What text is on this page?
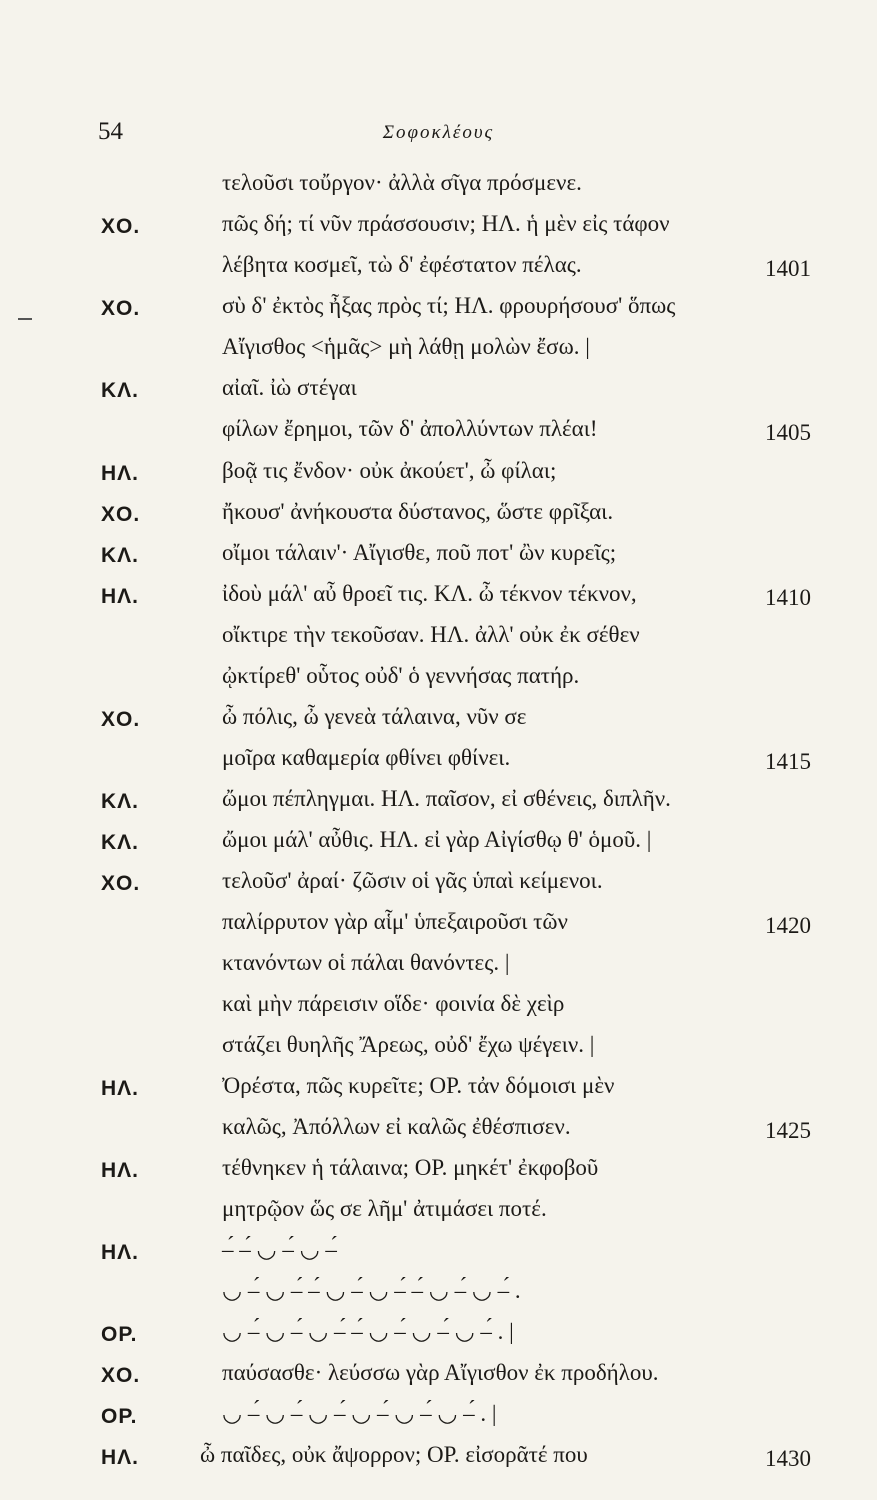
54	Σοφοκλέους
τελοῦσι τοὔργον· ἀλλὰ σῖγα πρόσμενε.
ΧΟ.	πῶς δή; τί νῦν πράσσουσιν; ΗΛ. ἡ μὲν εἰς τάφον
λέβητα κοσμεῖ, τὼ δ' ἐφέστατον πέλας.	1401
ΧΟ.	σὺ δ' ἐκτὸς ἦξας πρὸς τί; ΗΛ. φρουρήσουσ' ὅπως
Αἴγισθος <ἡμᾶς> μὴ λάθῃ μολὼν ἔσω. |
ΚΛ.	αἰαῖ. ἰὼ στέγαι
φίλων ἔρημοι, τῶν δ' ἀπολλύντων πλέαι!	1405
ΗΛ.	βοᾷ τις ἔνδον· οὐκ ἀκούετ', ὦ φίλαι;
ΧΟ.	ἤκουσ' ἀνήκουστα δύστανος, ὥστε φρῖξαι.
ΚΛ.	οἴμοι τάλαιν'· Αἴγισθε, ποῦ ποτ' ὢν κυρεῖς;
ΗΛ.	ἰδοὺ μάλ' αὖ θροεῖ τις. ΚΛ. ὦ τέκνον τέκνον,	1410
οἴκτιρε τὴν τεκοῦσαν. ΗΛ. ἀλλ' οὐκ ἐκ σέθεν
ᾠκτίρεθ' οὗτος οὐδ' ὁ γεννήσας πατήρ.
ΧΟ.	ὦ πόλις, ὦ γενεὰ τάλαινα, νῦν σε
μοῖρα καθαμερία φθίνει φθίνει.	1415
ΚΛ.	ὤμοι πέπληγμαι. ΗΛ. παῖσον, εἰ σθένεις, διπλῆν.
ΚΛ.	ὤμοι μάλ' αὖθις. ΗΛ. εἰ γὰρ Αἰγίσθῳ θ' ὁμοῦ. |
ΧΟ.	τελοῦσ' ἀραί· ζῶσιν οἱ γᾶς ὑπαὶ κείμενοι.
παλίρρυτον γὰρ αἷμ' ὑπεξαιροῦσι τῶν	1420
κτανόντων οἱ πάλαι θανόντες. |
καὶ μὴν πάρεισιν οἵδε· φοινία δὲ χεὶρ
στάζει θυηλῆς Ἄρεως, οὐδ' ἔχω ψέγειν. |
ΗΛ.	Ὀρέστα, πῶς κυρεῖτε; ΟΡ. τἀν δόμοισι μὲν
καλῶς, Ἀπόλλων εἰ καλῶς ἐθέσπισεν.	1425
ΗΛ.	τέθνηκεν ἡ τάλαινα; ΟΡ. μηκέτ' ἐκφοβοῦ
μητρῷον ὥς σε λῆμ' ἀτιμάσει ποτέ.
ΗΛ.	–́ –́ ◡ –́ ◡ –́
◡ –́ ◡ –́ –́ ◡ –́ ◡ –́ –́ ◡ –́ ◡ –́ .
ΟΡ.	◡ –́ ◡ –́ ◡ –́ –́ ◡ –́ ◡ –́ ◡ –́ . |
ΧΟ.	παύσασθε· λεύσσω γὰρ Αἴγισθον ἐκ προδήλου.
ΟΡ.	◡ –́ ◡ –́ ◡ –́ ◡ –́ ◡ –́ ◡ –́ . |
ΗΛ.	ὦ παῖδες, οὐκ ἄψορρον; ΟΡ. εἰσορᾶτέ που	1430
